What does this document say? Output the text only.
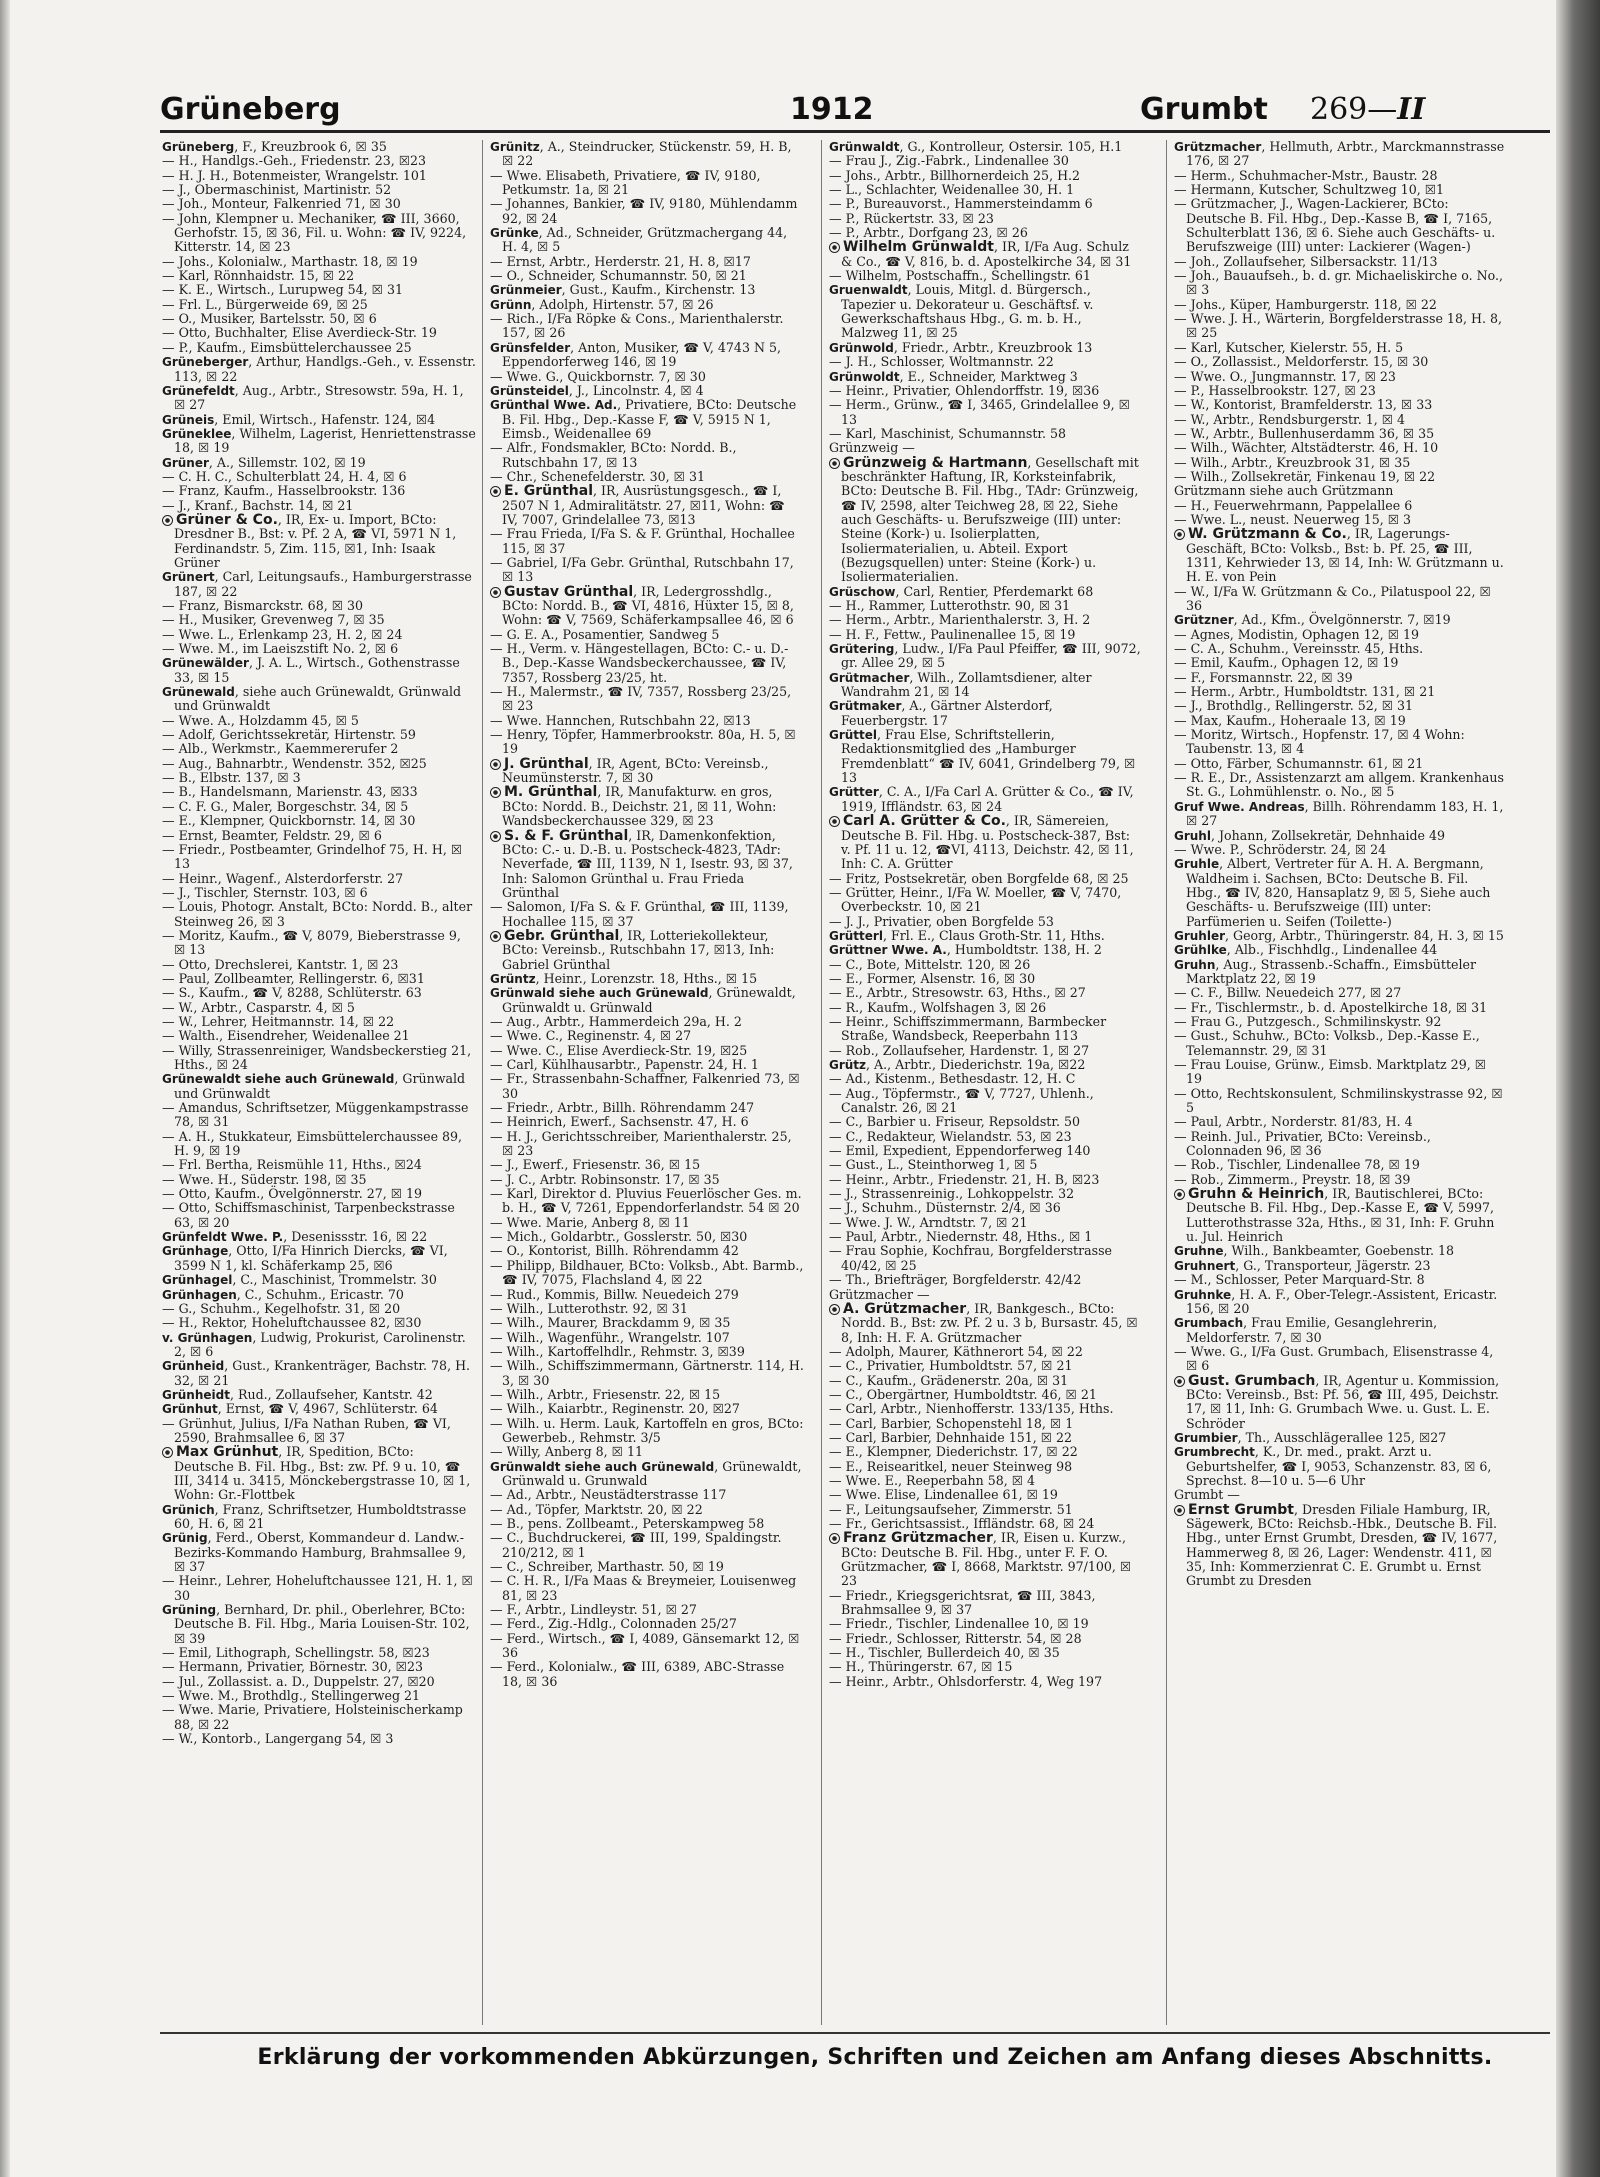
Grüneberg	1912	Grumbt 269—II

Grüneberg, F., Kreuzbrook 6, ☒ 35

— H., Handlgs.-Geh., Friedenstr. 23, ☒23

— H. J. H., Botenmeister, Wrangelstr. 101

— J., Obermaschinist, Martinistr. 52

— Joh., Monteur, Falkenried 71, ☒ 30

— John, Klempner u. Mechaniker, ☎ III, 3660, Gerhofstr. 15, ☒ 36, Fil. u. Wohn: ☎ IV, 9224, Kitterstr. 14, ☒ 23

— Johs., Kolonialw., Marthastr. 18, ☒ 19

— Karl, Rönnhaidstr. 15, ☒ 22

— K. E., Wirtsch., Lurupweg 54, ☒ 31

— Frl. L., Bürgerweide 69, ☒ 25

— O., Musiker, Bartelsstr. 50, ☒ 6

— Otto, Buchhalter, Elise Averdieck-Str. 19

— P., Kaufm., Eimsbüttelerchaussee 25

Grüneberger, Arthur, Handlgs.-Geh., v. Essenstr. 113, ☒ 22

Grünefeldt, Aug., Arbtr., Stresowstr. 59a, H. 1, ☒ 27

Grüneis, Emil, Wirtsch., Hafenstr. 124, ☒4

Grüneklee, Wilhelm, Lagerist, Henriettenstrasse 18, ☒ 19

Grüner, A., Sillemstr. 102, ☒ 19

— C. H. C., Schulterblatt 24, H. 4, ☒ 6

— Franz, Kaufm., Hasselbrookstr. 136

— J., Kranf., Bachstr. 14, ☒ 21

Grüner & Co., IR, Ex- u. Import, BCto: Dresdner B., Bst: v. Pf. 2 A, ☎ VI, 5971 N 1, Ferdinandstr. 5, Zim. 115, ☒1, Inh: Isaak Grüner

Grünert, Carl, Leitungsaufs., Hamburgerstrasse 187, ☒ 22

— Franz, Bismarckstr. 68, ☒ 30

— H., Musiker, Grevenweg 7, ☒ 35

— Wwe. L., Erlenkamp 23, H. 2, ☒ 24

— Wwe. M., im Laeiszstift No. 2, ☒ 6

Grünewälder, J. A. L., Wirtsch., Gothenstrasse 33, ☒ 15

Grünewald, siehe auch Grünewaldt, Grünwald und Grünwaldt

— Wwe. A., Holzdamm 45, ☒ 5

— Adolf, Gerichtssekretär, Hirtenstr. 59

— Alb., Werkmstr., Kaemmererufer 2

— Aug., Bahnarbtr., Wendenstr. 352, ☒25

— B., Elbstr. 137, ☒ 3

— B., Handelsmann, Marienstr. 43, ☒33

— C. F. G., Maler, Borgeschstr. 34, ☒ 5

— E., Klempner, Quickbornstr. 14, ☒ 30

— Ernst, Beamter, Feldstr. 29, ☒ 6

— Friedr., Postbeamter, Grindelhof 75, H. H, ☒ 13

— Heinr., Wagenf., Alsterdorferstr. 27

— J., Tischler, Sternstr. 103, ☒ 6

— Louis, Photogr. Anstalt, BCto: Nordd. B., alter Steinweg 26, ☒ 3

— Moritz, Kaufm., ☎ V, 8079, Bieberstrasse 9, ☒ 13

— Otto, Drechslerei, Kantstr. 1, ☒ 23

— Paul, Zollbeamter, Rellingerstr. 6, ☒31

— S., Kaufm., ☎ V, 8288, Schlüterstr. 63

— W., Arbtr., Casparstr. 4, ☒ 5

— W., Lehrer, Heitmannstr. 14, ☒ 22

— Walth., Eisendreher, Weidenallee 21

— Willy, Strassenreiniger, Wandsbeckerstieg 21, Hths., ☒ 24

Grünewaldt siehe auch Grünewald, Grünwald und Grünwaldt

— Amandus, Schriftsetzer, Müggenkampstrasse 78, ☒ 31

— A. H., Stukkateur, Eimsbüttelerchaussee 89, H. 9, ☒ 19

— Frl. Bertha, Reismühle 11, Hths., ☒24

— Wwe. H., Süderstr. 198, ☒ 35

— Otto, Kaufm., Övelgönnerstr. 27, ☒ 19

— Otto, Schiffsmaschinist, Tarpenbeckstrasse 63, ☒ 20

Grünfeldt Wwe. P., Desenissstr. 16, ☒ 22

Grünhage, Otto, I/Fa Hinrich Diercks, ☎ VI, 3599 N 1, kl. Schäferkamp 25, ☒6

Grünhagel, C., Maschinist, Trommelstr. 30

Grünhagen, C., Schuhm., Ericastr. 70

— G., Schuhm., Kegelhofstr. 31, ☒ 20

— H., Rektor, Hoheluftchaussee 82, ☒30

v. Grünhagen, Ludwig, Prokurist, Carolinenstr. 2, ☒ 6

Grünheid, Gust., Krankenträger, Bachstr. 78, H. 32, ☒ 21

Grünheidt, Rud., Zollaufseher, Kantstr. 42

Grünhut, Ernst, ☎ V, 4967, Schlüterstr. 64

— Grünhut, Julius, I/Fa Nathan Ruben, ☎ VI, 2590, Brahmsallee 6, ☒ 37

Max Grünhut, IR, Spedition, BCto: Deutsche B. Fil. Hbg., Bst: zw. Pf. 9 u. 10, ☎ III, 3414 u. 3415, Mönckebergstrasse 10, ☒ 1, Wohn: Gr.-Flottbek

Grünich, Franz, Schriftsetzer, Humboldtstrasse 60, H. 6, ☒ 21

Grünig, Ferd., Oberst, Kommandeur d. Landw.-Bezirks-Kommando Hamburg, Brahmsallee 9, ☒ 37

— Heinr., Lehrer, Hoheluftchaussee 121, H. 1, ☒ 30

Grüning, Bernhard, Dr. phil., Oberlehrer, BCto: Deutsche B. Fil. Hbg., Maria Louisen-Str. 102, ☒ 39

— Emil, Lithograph, Schellingstr. 58, ☒23

— Hermann, Privatier, Börnestr. 30, ☒23

— Jul., Zollassist. a. D., Duppelstr. 27, ☒20

— Wwe. M., Brothdlg., Stellingerweg 21

— Wwe. Marie, Privatiere, Holsteinischerkamp 88, ☒ 22

— W., Kontorb., Langergang 54, ☒ 3

Grünitz, A., Steindrucker, Stückenstr. 59, H. B, ☒ 22

— Wwe. Elisabeth, Privatiere, ☎ IV, 9180, Petkumstr. 1a, ☒ 21

— Johannes, Bankier, ☎ IV, 9180, Mühlendamm 92, ☒ 24

Grünke, Ad., Schneider, Grützmachergang 44, H. 4, ☒ 5

— Ernst, Arbtr., Herderstr. 21, H. 8, ☒17

— O., Schneider, Schumannstr. 50, ☒ 21

Grünmeier, Gust., Kaufm., Kirchenstr. 13

Grünn, Adolph, Hirtenstr. 57, ☒ 26

— Rich., I/Fa Röpke & Cons., Marienthalerstr. 157, ☒ 26

Grünsfelder, Anton, Musiker, ☎ V, 4743 N 5, Eppendorferweg 146, ☒ 19

— Wwe. G., Quickbornstr. 7, ☒ 30

Grünsteidel, J., Lincolnstr. 4, ☒ 4

Grünthal Wwe. Ad., Privatiere, BCto: Deutsche B. Fil. Hbg., Dep.-Kasse F, ☎ V, 5915 N 1, Eimsb., Weidenallee 69

— Alfr., Fondsmakler, BCto: Nordd. B., Rutschbahn 17, ☒ 13

— Chr., Schenefelderstr. 30, ☒ 31

E. Grünthal, IR, Ausrüstungsgesch., ☎ I, 2507 N 1, Admiralitätstr. 27, ☒11, Wohn: ☎ IV, 7007, Grindelallee 73, ☒13

— Frau Frieda, I/Fa S. & F. Grünthal, Hochallee 115, ☒ 37

— Gabriel, I/Fa Gebr. Grünthal, Rutschbahn 17, ☒ 13

Gustav Grünthal, IR, Ledergrosshdlg., BCto: Nordd. B., ☎ VI, 4816, Hüxter 15, ☒ 8, Wohn: ☎ V, 7569, Schäferkampsallee 46, ☒ 6

— G. E. A., Posamentier, Sandweg 5

— H., Verm. v. Hängestellagen, BCto: C.- u. D.-B., Dep.-Kasse Wandsbeckerchaussee, ☎ IV, 7357, Rossberg 23/25, ht.

— H., Malermstr., ☎ IV, 7357, Rossberg 23/25, ☒ 23

— Wwe. Hannchen, Rutschbahn 22, ☒13

— Henry, Töpfer, Hammerbrookstr. 80a, H. 5, ☒ 19

J. Grünthal, IR, Agent, BCto: Vereinsb., Neumünsterstr. 7, ☒ 30

M. Grünthal, IR, Manufakturw. en gros, BCto: Nordd. B., Deichstr. 21, ☒ 11, Wohn: Wandsbeckerchaussee 329, ☒ 23

S. & F. Grünthal, IR, Damenkonfektion, BCto: C.- u. D.-B. u. Postscheck-4823, TAdr: Neverfade, ☎ III, 1139, N 1, Isestr. 93, ☒ 37, Inh: Salomon Grünthal u. Frau Frieda Grünthal

— Salomon, I/Fa S. & F. Grünthal, ☎ III, 1139, Hochallee 115, ☒ 37

Gebr. Grünthal, IR, Lotteriekollekteur, BCto: Vereinsb., Rutschbahn 17, ☒13, Inh: Gabriel Grünthal

Grüntz, Heinr., Lorenzstr. 18, Hths., ☒ 15

Grünwald siehe auch Grünewald, Grünewaldt, Grünwaldt u. Grünwald

— Aug., Arbtr., Hammerdeich 29a, H. 2

— Wwe. C., Reginenstr. 4, ☒ 27

— Wwe. C., Elise Averdieck-Str. 19, ☒25

— Carl, Kühlhausarbtr., Papenstr. 24, H. 1

— Fr., Strassenbahn-Schaffner, Falkenried 73, ☒ 30

— Friedr., Arbtr., Billh. Röhrendamm 247

— Heinrich, Ewerf., Sachsenstr. 47, H. 6

— H. J., Gerichtsschreiber, Marienthalerstr. 25, ☒ 23

— J., Ewerf., Friesenstr. 36, ☒ 15

— J. C., Arbtr. Robinsonstr. 17, ☒ 35

— Karl, Direktor d. Pluvius Feuerlöscher Ges. m. b. H., ☎ V, 7261, Eppendorferlandstr. 54 ☒ 20

— Wwe. Marie, Anberg 8, ☒ 11

— Mich., Goldarbtr., Gosslerstr. 50, ☒30

— O., Kontorist, Billh. Röhrendamm 42

— Philipp, Bildhauer, BCto: Volksb., Abt. Barmb., ☎ IV, 7075, Flachsland 4, ☒ 22

— Rud., Kommis, Billw. Neuedeich 279

— Wilh., Lutterothstr. 92, ☒ 31

— Wilh., Maurer, Brackdamm 9, ☒ 35

— Wilh., Wagenführ., Wrangelstr. 107

— Wilh., Kartoffelhdlr., Rehmstr. 3, ☒39

— Wilh., Schiffszimmermann, Gärtnerstr. 114, H. 3, ☒ 30

— Wilh., Arbtr., Friesenstr. 22, ☒ 15

— Wilh., Kaiarbtr., Reginenstr. 20, ☒27

— Wilh. u. Herm. Lauk, Kartoffeln en gros, BCto: Gewerbeb., Rehmstr. 3/5

— Willy, Anberg 8, ☒ 11

Grünwaldt siehe auch Grünewald, Grünewaldt, Grünwald u. Grunwald

— Ad., Arbtr., Neustädterstrasse 117

— Ad., Töpfer, Marktstr. 20, ☒ 22

— B., pens. Zollbeamt., Peterskampweg 58

— C., Buchdruckerei, ☎ III, 199, Spaldingstr. 210/212, ☒ 1

— C., Schreiber, Marthastr. 50, ☒ 19

— C. H. R., I/Fa Maas & Breymeier, Louisenweg 81, ☒ 23

— F., Arbtr., Lindleystr. 51, ☒ 27

— Ferd., Zig.-Hdlg., Colonnaden 25/27

— Ferd., Wirtsch., ☎ I, 4089, Gänsemarkt 12, ☒ 36

— Ferd., Kolonialw., ☎ III, 6389, ABC-Strasse 18, ☒ 36

Grünwaldt, G., Kontrolleur, Ostersir. 105, H.1

— Frau J., Zig.-Fabrk., Lindenallee 30

— Johs., Arbtr., Billhornerdeich 25, H.2

— L., Schlachter, Weidenallee 30, H. 1

— P., Bureauvorst., Hammersteindamm 6

— P., Rückertstr. 33, ☒ 23

— P., Arbtr., Dorfgang 23, ☒ 26

Wilhelm Grünwaldt, IR, I/Fa Aug. Schulz & Co., ☎ V, 816, b. d. Apostelkirche 34, ☒ 31

— Wilhelm, Postschaffn., Schellingstr. 61

Gruenwaldt, Louis, Mitgl. d. Bürgersch., Tapezier u. Dekorateur u. Geschäftsf. v. Gewerkschaftshaus Hbg., G. m. b. H., Malzweg 11, ☒ 25

Grünwold, Friedr., Arbtr., Kreuzbrook 13

— J. H., Schlosser, Woltmannstr. 22

Grünwoldt, E., Schneider, Marktweg 3

— Heinr., Privatier, Ohlendorffstr. 19, ☒36

— Herm., Grünw., ☎ I, 3465, Grindelallee 9, ☒ 13

— Karl, Maschinist, Schumannstr. 58

Grünzweig —

Grünzweig & Hartmann, Gesellschaft mit beschränkter Haftung, IR, Korksteinfabrik, BCto: Deutsche B. Fil. Hbg., TAdr: Grünzweig, ☎ IV, 2598, alter Teichweg 28, ☒ 22, Siehe auch Geschäfts- u. Berufszweige (III) unter: Steine (Kork-) u. Isolierplatten, Isoliermaterialien, u. Abteil. Export (Bezugsquellen) unter: Steine (Kork-) u. Isoliermaterialien.

Grüschow, Carl, Rentier, Pferdemarkt 68

— H., Rammer, Lutterothstr. 90, ☒ 31

— Herm., Arbtr., Marienthalerstr. 3, H. 2

— H. F., Fettw., Paulinenallee 15, ☒ 19

Grütering, Ludw., I/Fa Paul Pfeiffer, ☎ III, 9072, gr. Allee 29, ☒ 5

Grütmacher, Wilh., Zollamtsdiener, alter Wandrahm 21, ☒ 14

Grütmaker, A., Gärtner Alsterdorf, Feuerbergstr. 17

Grüttel, Frau Else, Schriftstellerin, Redaktionsmitglied des „Hamburger Fremdenblatt“ ☎ IV, 6041, Grindelberg 79, ☒ 13

Grütter, C. A., I/Fa Carl A. Grütter & Co., ☎ IV, 1919, Iffländstr. 63, ☒ 24

Carl A. Grütter & Co., IR, Sämereien, Deutsche B. Fil. Hbg. u. Postscheck-387, Bst: v. Pf. 11 u. 12, ☎VI, 4113, Deichstr. 42, ☒ 11, Inh: C. A. Grütter

— Fritz, Postsekretär, oben Borgfelde 68, ☒ 25

— Grütter, Heinr., I/Fa W. Moeller, ☎ V, 7470, Overbeckstr. 10, ☒ 21

— J. J., Privatier, oben Borgfelde 53

Grütterl, Frl. E., Claus Groth-Str. 11, Hths.

Grüttner Wwe. A., Humboldtstr. 138, H. 2

— C., Bote, Mittelstr. 120, ☒ 26

— E., Former, Alsenstr. 16, ☒ 30

— E., Arbtr., Stresowstr. 63, Hths., ☒ 27

— R., Kaufm., Wolfshagen 3, ☒ 26

— Heinr., Schiffszimmermann, Barmbecker Straße, Wandsbeck, Reeperbahn 113

— Rob., Zollaufseher, Hardenstr. 1, ☒ 27

Grütz, A., Arbtr., Diederichstr. 19a, ☒22

— Ad., Kistenm., Bethesdastr. 12, H. C

— Aug., Töpfermstr., ☎ V, 7727, Uhlenh., Canalstr. 26, ☒ 21

— C., Barbier u. Friseur, Repsoldstr. 50

— C., Redakteur, Wielandstr. 53, ☒ 23

— Emil, Expedient, Eppendorferweg 140

— Gust., L., Steinthorweg 1, ☒ 5

— Heinr., Arbtr., Friedenstr. 21, H. B, ☒23

— J., Strassenreinig., Lohkoppelstr. 32

— J., Schuhm., Düsternstr. 2/4, ☒ 36

— Wwe. J. W., Arndtstr. 7, ☒ 21

— Paul, Arbtr., Niedernstr. 48, Hths., ☒ 1

— Frau Sophie, Kochfrau, Borgfelderstrasse 40/42, ☒ 25

— Th., Briefträger, Borgfelderstr. 42/42

Grützmacher —

A. Grützmacher, IR, Bankgesch., BCto: Nordd. B., Bst: zw. Pf. 2 u. 3 b, Bursastr. 45, ☒ 8, Inh: H. F. A. Grützmacher

— Adolph, Maurer, Käthnerort 54, ☒ 22

— C., Privatier, Humboldtstr. 57, ☒ 21

— C., Kaufm., Grädenerstr. 20a, ☒ 31

— C., Obergärtner, Humboldtstr. 46, ☒ 21

— Carl, Arbtr., Nienhofferstr. 133/135, Hths.

— Carl, Barbier, Schopenstehl 18, ☒ 1

— Carl, Barbier, Dehnhaide 151, ☒ 22

— E., Klempner, Diederichstr. 17, ☒ 22

— E., Reisearitkel, neuer Steinweg 98

— Wwe. E., Reeperbahn 58, ☒ 4

— Wwe. Elise, Lindenallee 61, ☒ 19

— F., Leitungsaufseher, Zimmerstr. 51

— Fr., Gerichtsassist., Iffländstr. 68, ☒ 24

Franz Grützmacher, IR, Eisen u. Kurzw., BCto: Deutsche B. Fil. Hbg., unter F. F. O. Grützmacher, ☎ I, 8668, Marktstr. 97/100, ☒ 23

— Friedr., Kriegsgerichtsrat, ☎ III, 3843, Brahmsallee 9, ☒ 37

— Friedr., Tischler, Lindenallee 10, ☒ 19

— Friedr., Schlosser, Ritterstr. 54, ☒ 28

— H., Tischler, Bullerdeich 40, ☒ 35

— H., Thüringerstr. 67, ☒ 15

— Heinr., Arbtr., Ohlsdorferstr. 4, Weg 197

Grützmacher, Hellmuth, Arbtr., Marckmannstrasse 176, ☒ 27

— Herm., Schuhmacher-Mstr., Baustr. 28

— Hermann, Kutscher, Schultzweg 10, ☒1

— Grützmacher, J., Wagen-Lackierer, BCto: Deutsche B. Fil. Hbg., Dep.-Kasse B, ☎ I, 7165, Schulterblatt 136, ☒ 6. Siehe auch Geschäfts- u. Berufszweige (III) unter: Lackierer (Wagen-)

— Joh., Zollaufseher, Silbersackstr. 11/13

— Joh., Bauaufseh., b. d. gr. Michaeliskirche o. No., ☒ 3

— Johs., Küper, Hamburgerstr. 118, ☒ 22

— Wwe. J. H., Wärterin, Borgfelderstrasse 18, H. 8, ☒ 25

— Karl, Kutscher, Kielerstr. 55, H. 5

— O., Zollassist., Meldorferstr. 15, ☒ 30

— Wwe. O., Jungmannstr. 17, ☒ 23

— P., Hasselbrookstr. 127, ☒ 23

— W., Kontorist, Bramfelderstr. 13, ☒ 33

— W., Arbtr., Rendsburgerstr. 1, ☒ 4

— W., Arbtr., Bullenhuserdamm 36, ☒ 35

— Wilh., Wächter, Altstädterstr. 46, H. 10

— Wilh., Arbtr., Kreuzbrook 31, ☒ 35

— Wilh., Zollsekretär, Finkenau 19, ☒ 22

Grützmann siehe auch Grützmann

— H., Feuerwehrmann, Pappelallee 6

— Wwe. L., neust. Neuerweg 15, ☒ 3

W. Grützmann & Co., IR, Lagerungs-Geschäft, BCto: Volksb., Bst: b. Pf. 25, ☎ III, 1311, Kehrwieder 13, ☒ 14, Inh: W. Grützmann u. H. E. von Pein

— W., I/Fa W. Grützmann & Co., Pilatuspool 22, ☒ 36

Grützner, Ad., Kfm., Övelgönnerstr. 7, ☒19

— Agnes, Modistin, Ophagen 12, ☒ 19

— C. A., Schuhm., Vereinsstr. 45, Hths.

— Emil, Kaufm., Ophagen 12, ☒ 19

— F., Forsmannstr. 22, ☒ 39

— Herm., Arbtr., Humboldtstr. 131, ☒ 21

— J., Brothdlg., Rellingerstr. 52, ☒ 31

— Max, Kaufm., Hoheraale 13, ☒ 19

— Moritz, Wirtsch., Hopfenstr. 17, ☒ 4 Wohn: Taubenstr. 13, ☒ 4

— Otto, Färber, Schumannstr. 61, ☒ 21

— R. E., Dr., Assistenzarzt am allgem. Krankenhaus St. G., Lohmühlenstr. o. No., ☒ 5

Gruf Wwe. Andreas, Billh. Röhrendamm 183, H. 1, ☒ 27

Gruhl, Johann, Zollsekretär, Dehnhaide 49

— Wwe. P., Schröderstr. 24, ☒ 24

Gruhle, Albert, Vertreter für A. H. A. Bergmann, Waldheim i. Sachsen, BCto: Deutsche B. Fil. Hbg., ☎ IV, 820, Hansaplatz 9, ☒ 5, Siehe auch Geschäfts- u. Berufszweige (III) unter: Parfümerien u. Seifen (Toilette-)

Gruhler, Georg, Arbtr., Thüringerstr. 84, H. 3, ☒ 15

Grühlke, Alb., Fischhdlg., Lindenallee 44

Gruhn, Aug., Strassenb.-Schaffn., Eimsbütteler Marktplatz 22, ☒ 19

— C. F., Billw. Neuedeich 277, ☒ 27

— Fr., Tischlermstr., b. d. Apostelkirche 18, ☒ 31

— Frau G., Putzgesch., Schmilinskystr. 92

— Gust., Schuhw., BCto: Volksb., Dep.-Kasse E., Telemannstr. 29, ☒ 31

— Frau Louise, Grünw., Eimsb. Marktplatz 29, ☒ 19

— Otto, Rechtskonsulent, Schmilinskystrasse 92, ☒ 5

— Paul, Arbtr., Norderstr. 81/83, H. 4

— Reinh. Jul., Privatier, BCto: Vereinsb., Colonnaden 96, ☒ 36

— Rob., Tischler, Lindenallee 78, ☒ 19

— Rob., Zimmerm., Preystr. 18, ☒ 39

Gruhn & Heinrich, IR, Bautischlerei, BCto: Deutsche B. Fil. Hbg., Dep.-Kasse E, ☎ V, 5997, Lutterothstrasse 32a, Hths., ☒ 31, Inh: F. Gruhn u. Jul. Heinrich

Gruhne, Wilh., Bankbeamter, Goebenstr. 18

Gruhnert, G., Transporteur, Jägerstr. 23

— M., Schlosser, Peter Marquard-Str. 8

Gruhnke, H. A. F., Ober-Telegr.-Assistent, Ericastr. 156, ☒ 20

Grumbach, Frau Emilie, Gesanglehrerin, Meldorferstr. 7, ☒ 30

— Wwe. G., I/Fa Gust. Grumbach, Elisenstrasse 4, ☒ 6

Gust. Grumbach, IR, Agentur u. Kommission, BCto: Vereinsb., Bst: Pf. 56, ☎ III, 495, Deichstr. 17, ☒ 11, Inh: G. Grumbach Wwe. u. Gust. L. E. Schröder

Grumbier, Th., Ausschlägerallee 125, ☒27

Grumbrecht, K., Dr. med., prakt. Arzt u. Geburtshelfer, ☎ I, 9053, Schanzenstr. 83, ☒ 6, Sprechst. 8—10 u. 5—6 Uhr

Grumbt —

Ernst Grumbt, Dresden Filiale Hamburg, IR, Sägewerk, BCto: Reichsb.-Hbk., Deutsche B. Fil. Hbg., unter Ernst Grumbt, Dresden, ☎ IV, 1677, Hammerweg 8, ☒ 26, Lager: Wendenstr. 411, ☒ 35, Inh: Kommerzienrat C. E. Grumbt u. Ernst Grumbt zu Dresden

Erklärung der vorkommenden Abkürzungen, Schriften und Zeichen am Anfang dieses Abschnitts.
